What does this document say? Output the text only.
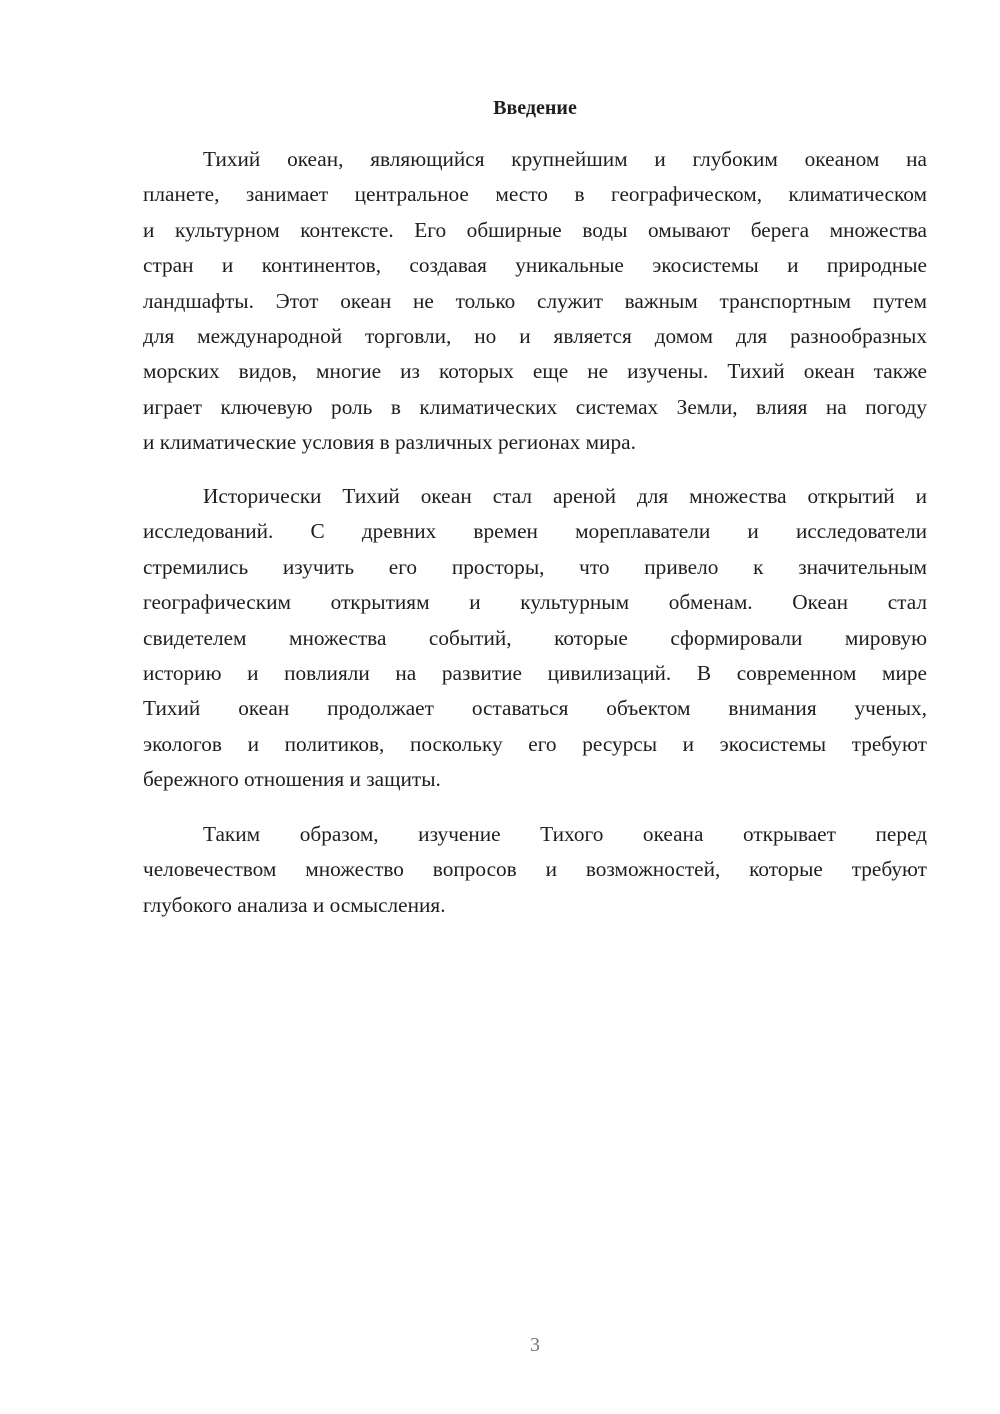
Введение
Тихий океан, являющийся крупнейшим и глубоким океаном на
планете, занимает центральное место в географическом, климатическом
и культурном контексте. Его обширные воды омывают берега множества
стран и континентов, создавая уникальные экосистемы и природные
ландшафты. Этот океан не только служит важным транспортным путем
для международной торговли, но и является домом для разнообразных
морских видов, многие из которых еще не изучены. Тихий океан также
играет ключевую роль в климатических системах Земли, влияя на погоду
и климатические условия в различных регионах мира.
Исторически Тихий океан стал ареной для множества открытий и
исследований. С древних времен мореплаватели и исследователи
стремились изучить его просторы, что привело к значительным
географическим открытиям и культурным обменам. Океан стал
свидетелем множества событий, которые сформировали мировую
историю и повлияли на развитие цивилизаций. В современном мире
Тихий океан продолжает оставаться объектом внимания ученых,
экологов и политиков, поскольку его ресурсы и экосистемы требуют
бережного отношения и защиты.
Таким образом, изучение Тихого океана открывает перед
человечеством множество вопросов и возможностей, которые требуют
глубокого анализа и осмысления.
3
